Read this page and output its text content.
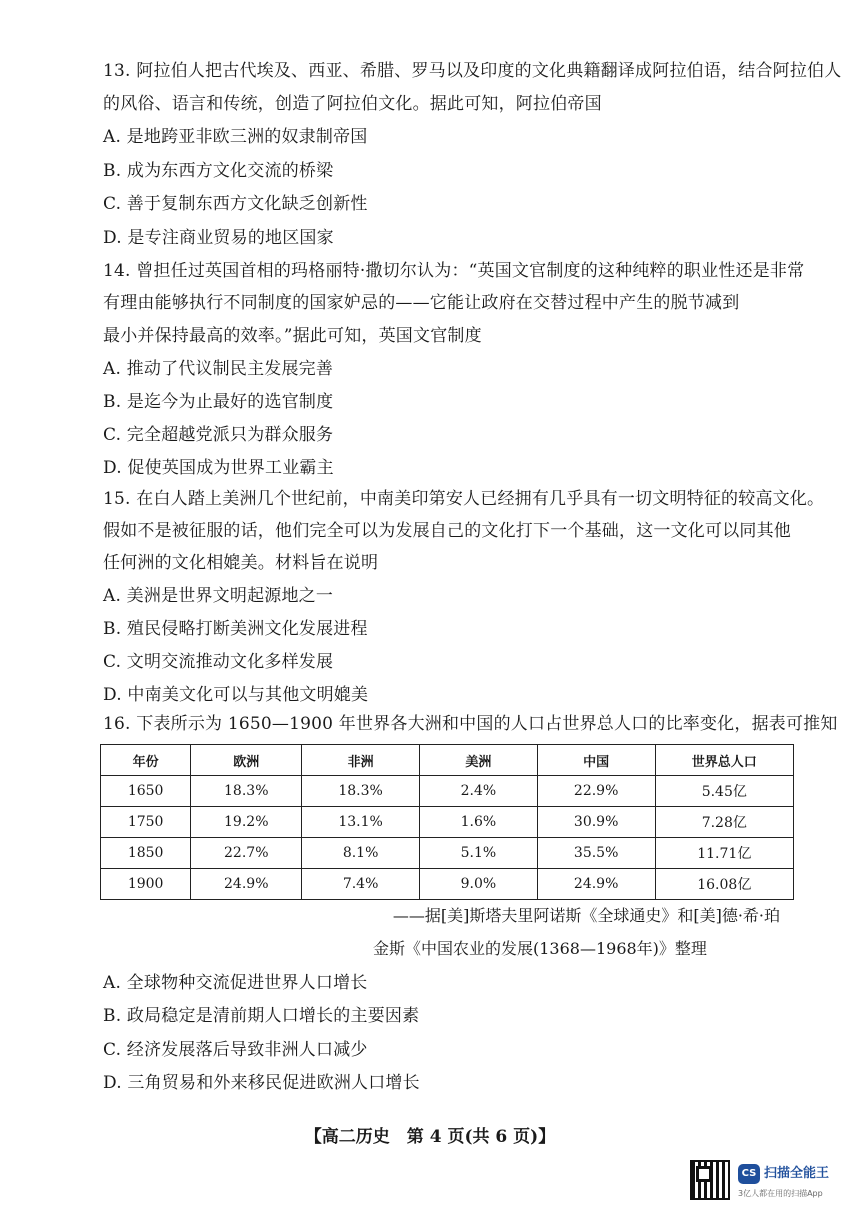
13. 阿拉伯人把古代埃及、西亚、希腊、罗马以及印度的文化典籍翻译成阿拉伯语，结合阿拉伯人
的风俗、语言和传统，创造了阿拉伯文化。据此可知，阿拉伯帝国
A. 是地跨亚非欧三洲的奴隶制帝国
B. 成为东西方文化交流的桥梁
C. 善于复制东西方文化缺乏创新性
D. 是专注商业贸易的地区国家
14. 曾担任过英国首相的玛格丽特·撒切尔认为：“英国文官制度的这种纯粹的职业性还是非常
有理由能够执行不同制度的国家妒忌的——它能让政府在交替过程中产生的脱节减到
最小并保持最高的效率。”据此可知，英国文官制度
A. 推动了代议制民主发展完善
B. 是迄今为止最好的选官制度
C. 完全超越党派只为群众服务
D. 促使英国成为世界工业霸主
15. 在白人踏上美洲几个世纪前，中南美印第安人已经拥有几乎具有一切文明特征的较高文化。
假如不是被征服的话，他们完全可以为发展自己的文化打下一个基础，这一文化可以同其他
任何洲的文化相媲美。材料旨在说明
A. 美洲是世界文明起源地之一
B. 殖民侵略打断美洲文化发展进程
C. 文明交流推动文化多样发展
D. 中南美文化可以与其他文明媲美
16. 下表所示为 1650—1900 年世界各大洲和中国的人口占世界总人口的比率变化，据表可推知
年份	欧洲	非洲	美洲	中国	世界总人口
1650	18.3%	18.3%	2.4%	22.9%	5.45亿
1750	19.2%	13.1%	1.6%	30.9%	7.28亿
1850	22.7%	8.1%	5.1%	35.5%	11.71亿
1900	24.9%	7.4%	9.0%	24.9%	16.08亿
——据[美]斯塔夫里阿诺斯《全球通史》和[美]德·希·珀
金斯《中国农业的发展(1368—1968年)》整理
A. 全球物种交流促进世界人口增长
B. 政局稳定是清前期人口增长的主要因素
C. 经济发展落后导致非洲人口减少
D. 三角贸易和外来移民促进欧洲人口增长
【高二历史　第 4 页(共 6 页)】
CS 扫描全能王
3亿人都在用的扫描App
